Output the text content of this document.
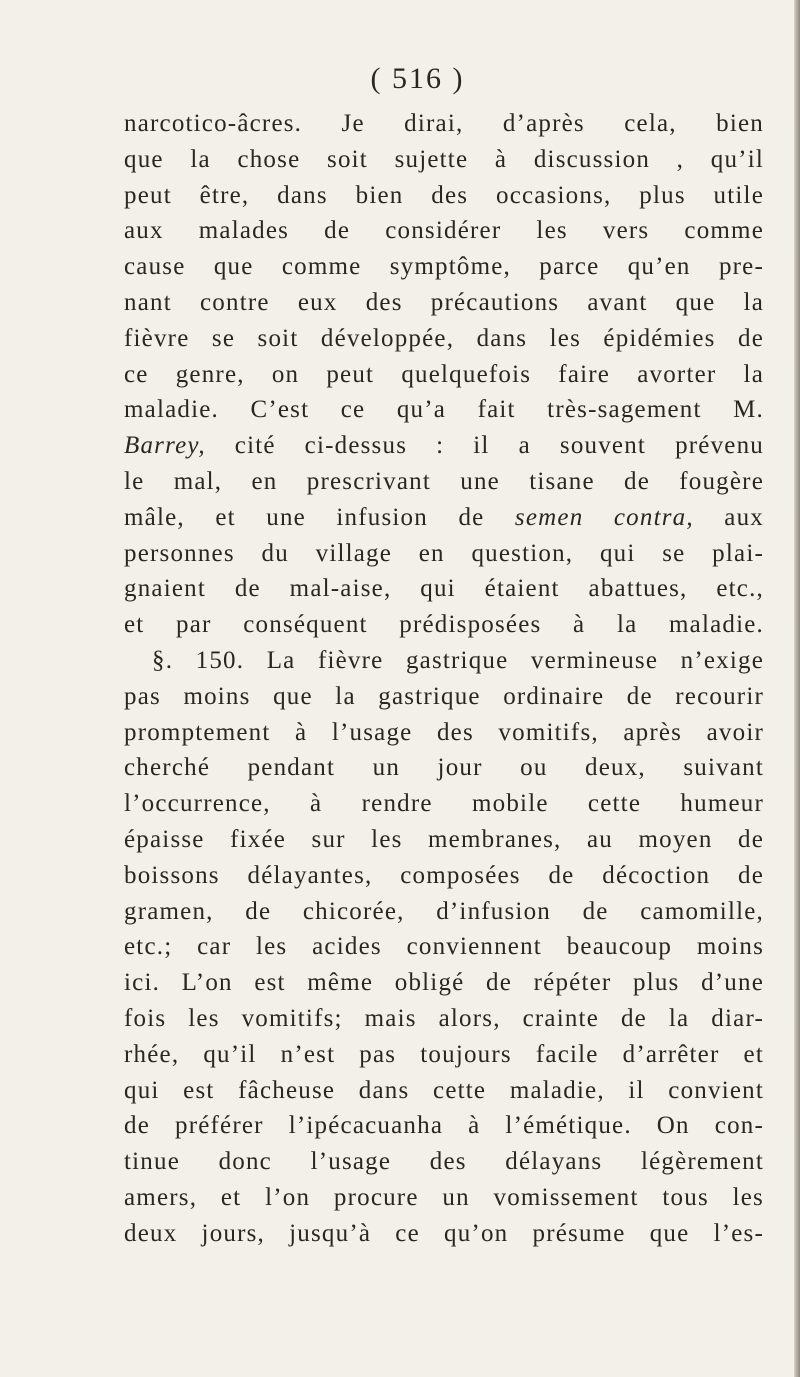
( 516 )
narcotico-âcres. Je dirai, d’après cela, bien
que la chose soit sujette à discussion , qu’il
peut être, dans bien des occasions, plus utile
aux malades de considérer les vers comme
cause que comme symptôme, parce qu’en pre-
nant contre eux des précautions avant que la
fièvre se soit développée, dans les épidémies de
ce genre, on peut quelquefois faire avorter la
maladie. C’est ce qu’a fait très-sagement M.
Barrey, cité ci-dessus : il a souvent prévenu
le mal, en prescrivant une tisane de fougère
mâle, et une infusion de semen contra, aux
personnes du village en question, qui se plai-
gnaient de mal-aise, qui étaient abattues, etc.,
et par conséquent prédisposées à la maladie.
§. 150. La fièvre gastrique vermineuse n’exige
pas moins que la gastrique ordinaire de recourir
promptement à l’usage des vomitifs, après avoir
cherché pendant un jour ou deux, suivant
l’occurrence, à rendre mobile cette humeur
épaisse fixée sur les membranes, au moyen de
boissons délayantes, composées de décoction de
gramen, de chicorée, d’infusion de camomille,
etc.; car les acides conviennent beaucoup moins
ici. L’on est même obligé de répéter plus d’une
fois les vomitifs; mais alors, crainte de la diar-
rhée, qu’il n’est pas toujours facile d’arrêter et
qui est fâcheuse dans cette maladie, il convient
de préférer l’ipécacuanha à l’émétique. On con-
tinue donc l’usage des délayans légèrement
amers, et l’on procure un vomissement tous les
deux jours, jusqu’à ce qu’on présume que l’es-
